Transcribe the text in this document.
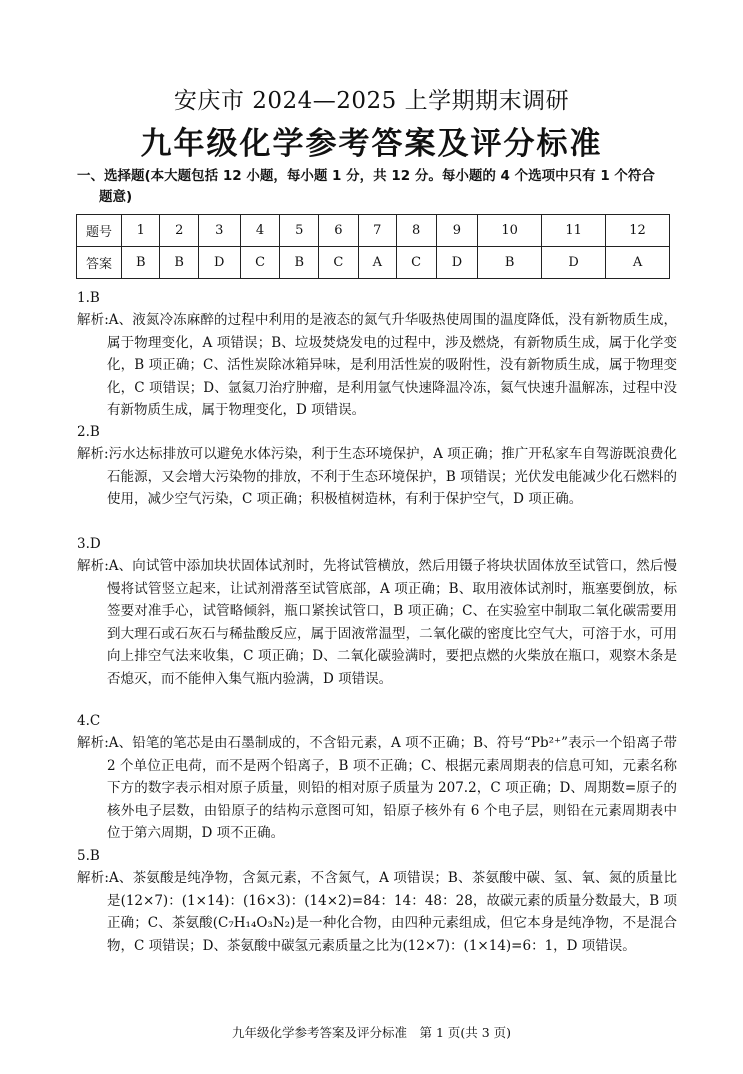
安庆市 2024—2025 上学期期末调研
九年级化学参考答案及评分标准
一、选择题(本大题包括 12 小题，每小题 1 分，共 12 分。每小题的 4 个选项中只有 1 个符合
题意)
题号	1	2	3	4	5	6	7	8	9	10	11	12
答案	B	B	D	C	B	C	A	C	D	B	D	A
1.B
解析:A、液氮冷冻麻醉的过程中利用的是液态的氮气升华吸热使周围的温度降低，没有新物质生成，属于物理变化，A 项错误；B、垃圾焚烧发电的过程中，涉及燃烧，有新物质生成，属于化学变化，B 项正确；C、活性炭除冰箱异味，是利用活性炭的吸附性，没有新物质生成，属于物理变化，C 项错误；D、氩氦刀治疗肿瘤，是利用氩气快速降温冷冻，氦气快速升温解冻，过程中没有新物质生成，属于物理变化，D 项错误。
2.B
解析:污水达标排放可以避免水体污染，利于生态环境保护，A 项正确；推广开私家车自驾游既浪费化石能源，又会增大污染物的排放，不利于生态环境保护，B 项错误；光伏发电能减少化石燃料的使用，减少空气污染，C 项正确；积极植树造林，有利于保护空气，D 项正确。
3.D
解析:A、向试管中添加块状固体试剂时，先将试管横放，然后用镊子将块状固体放至试管口，然后慢慢将试管竖立起来，让试剂滑落至试管底部，A 项正确；B、取用液体试剂时，瓶塞要倒放，标签要对准手心，试管略倾斜，瓶口紧挨试管口，B 项正确；C、在实验室中制取二氧化碳需要用到大理石或石灰石与稀盐酸反应，属于固液常温型，二氧化碳的密度比空气大，可溶于水，可用向上排空气法来收集，C 项正确；D、二氧化碳验满时，要把点燃的火柴放在瓶口，观察木条是否熄灭，而不能伸入集气瓶内验满，D 项错误。
4.C
解析:A、铅笔的笔芯是由石墨制成的，不含铅元素，A 项不正确；B、符号“Pb²⁺”表示一个铅离子带 2 个单位正电荷，而不是两个铅离子，B 项不正确；C、根据元素周期表的信息可知，元素名称下方的数字表示相对原子质量，则铅的相对原子质量为 207.2，C 项正确；D、周期数=原子的核外电子层数，由铅原子的结构示意图可知，铅原子核外有 6 个电子层，则铅在元素周期表中位于第六周期，D 项不正确。
5.B
解析:A、茶氨酸是纯净物，含氮元素，不含氮气，A 项错误；B、茶氨酸中碳、氢、氧、氮的质量比是(12×7)：(1×14)：(16×3)：(14×2)=84：14：48：28，故碳元素的质量分数最大，B 项正确；C、茶氨酸(C₇H₁₄O₃N₂)是一种化合物，由四种元素组成，但它本身是纯净物，不是混合物，C 项错误；D、茶氨酸中碳氢元素质量之比为(12×7)：(1×14)=6：1，D 项错误。
九年级化学参考答案及评分标准　第 1 页(共 3 页)
